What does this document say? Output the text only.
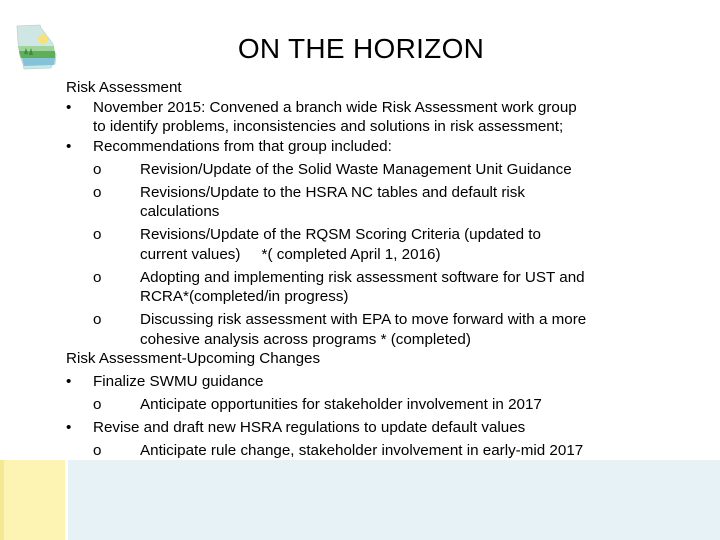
ON THE HORIZON
Risk Assessment
•	November 2015: Convened a branch wide Risk Assessment work group
to identify problems, inconsistencies and solutions in risk assessment;
•	Recommendations from that group included:
o	Revision/Update of the Solid Waste Management Unit Guidance
o	Revisions/Update to the HSRA NC tables and default risk
calculations
o	Revisions/Update of the RQSM Scoring Criteria (updated to
current values)     *( completed April 1, 2016)
o	Adopting and implementing risk assessment software for UST and
RCRA*(completed/in progress)
o	Discussing risk assessment with EPA to move forward with a more
cohesive analysis across programs * (completed)
Risk Assessment-Upcoming Changes
•	Finalize SWMU guidance
o	Anticipate opportunities for stakeholder involvement in 2017
•	Revise and draft new HSRA regulations to update default values
o	Anticipate rule change, stakeholder involvement in early-mid 2017
